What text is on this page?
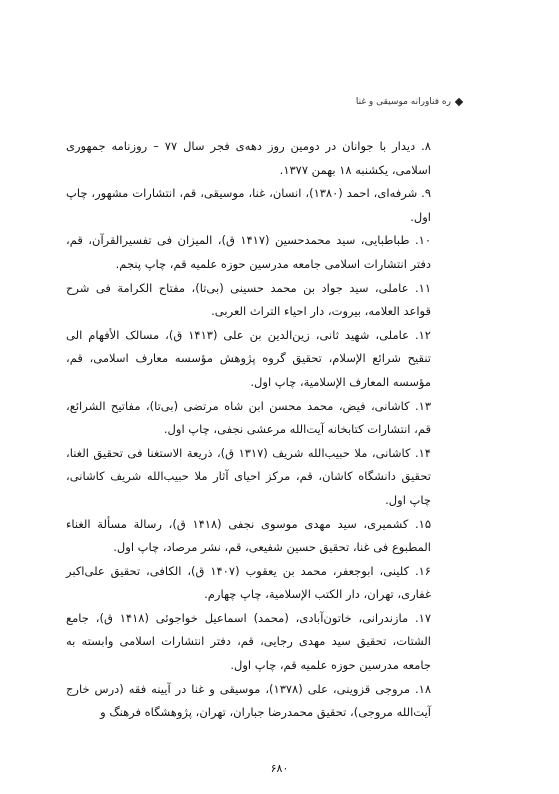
ره فناورانه موسیقی و غنا

۸. دیدار با جوانان در دومین روز دهه‌ی فجر سال ۷۷ – روزنامه جمهوری اسلامی، یکشنبه ۱۸ بهمن ۱۳۷۷.

۹. شرفه‌ای، احمد (۱۳۸۰)، انسان، غنا، موسیقی، قم، انتشارات مشهور، چاپ اول.

۱۰. طباطبایی، سید محمدحسین (۱۴۱۷ ق)، المیزان فی تفسیرالقرآن، قم، دفتر انتشارات اسلامی جامعه مدرسین حوزه علمیه قم، چاپ پنجم.

۱۱. عاملی، سید جواد بن محمد حسینی (بی‌تا)، مفتاح الکرامة فی شرح قواعد العلامه، بیروت، دار احیاء التراث العربی.

۱۲. عاملی، شهید ثانی، زین‌الدین بن علی (۱۴۱۳ ق)، مسالک الأفهام الی تنقیح شرائع الإسلام، تحقیق گروه پژوهش مؤسسه معارف اسلامی، قم، مؤسسه المعارف الإسلامیة، چاپ اول.

۱۳. کاشانی، فیض، محمد محسن ابن شاه مرتضی (بی‌تا)، مفاتیح الشرائع، قم، انتشارات کتابخانه آیت‌الله مرعشی نجفی، چاپ اول.

۱۴. کاشانی، ملا حبیب‌الله شریف (۱۳۱۷ ق)، ذریعة الاستغنا فی تحقیق الغنا، تحقیق دانشگاه کاشان، قم، مرکز احیای آثار ملا حبیب‌الله شریف کاشانی، چاپ اول.

۱۵. کشمیری، سید مهدی موسوی نجفی (۱۴۱۸ ق)، رسالة مسألة الغناء المطبوع فی غنا، تحقیق حسین شفیعی، قم، نشر مرصاد، چاپ اول.

۱۶. کلینی، ابوجعفر، محمد بن یعقوب (۱۴۰۷ ق)، الکافی، تحقیق علی‌اکبر غفاری، تهران، دار الکتب الإسلامیة، چاپ چهارم.

۱۷. مازندرانی، خاتون‌آبادی، (محمد) اسماعیل خواجوئی (۱۴۱۸ ق)، جامع الشتات، تحقیق سید مهدی رجایی، قم، دفتر انتشارات اسلامی وابسته به جامعه مدرسین حوزه علمیه قم، چاپ اول.

۱۸. مروجی قزوینی، علی (۱۳۷۸)، موسیقی و غنا در آیینه فقه (درس خارج آیت‌الله مروجی)، تحقیق محمدرضا جباران، تهران، پژوهشگاه فرهنگ و

۶۸۰
